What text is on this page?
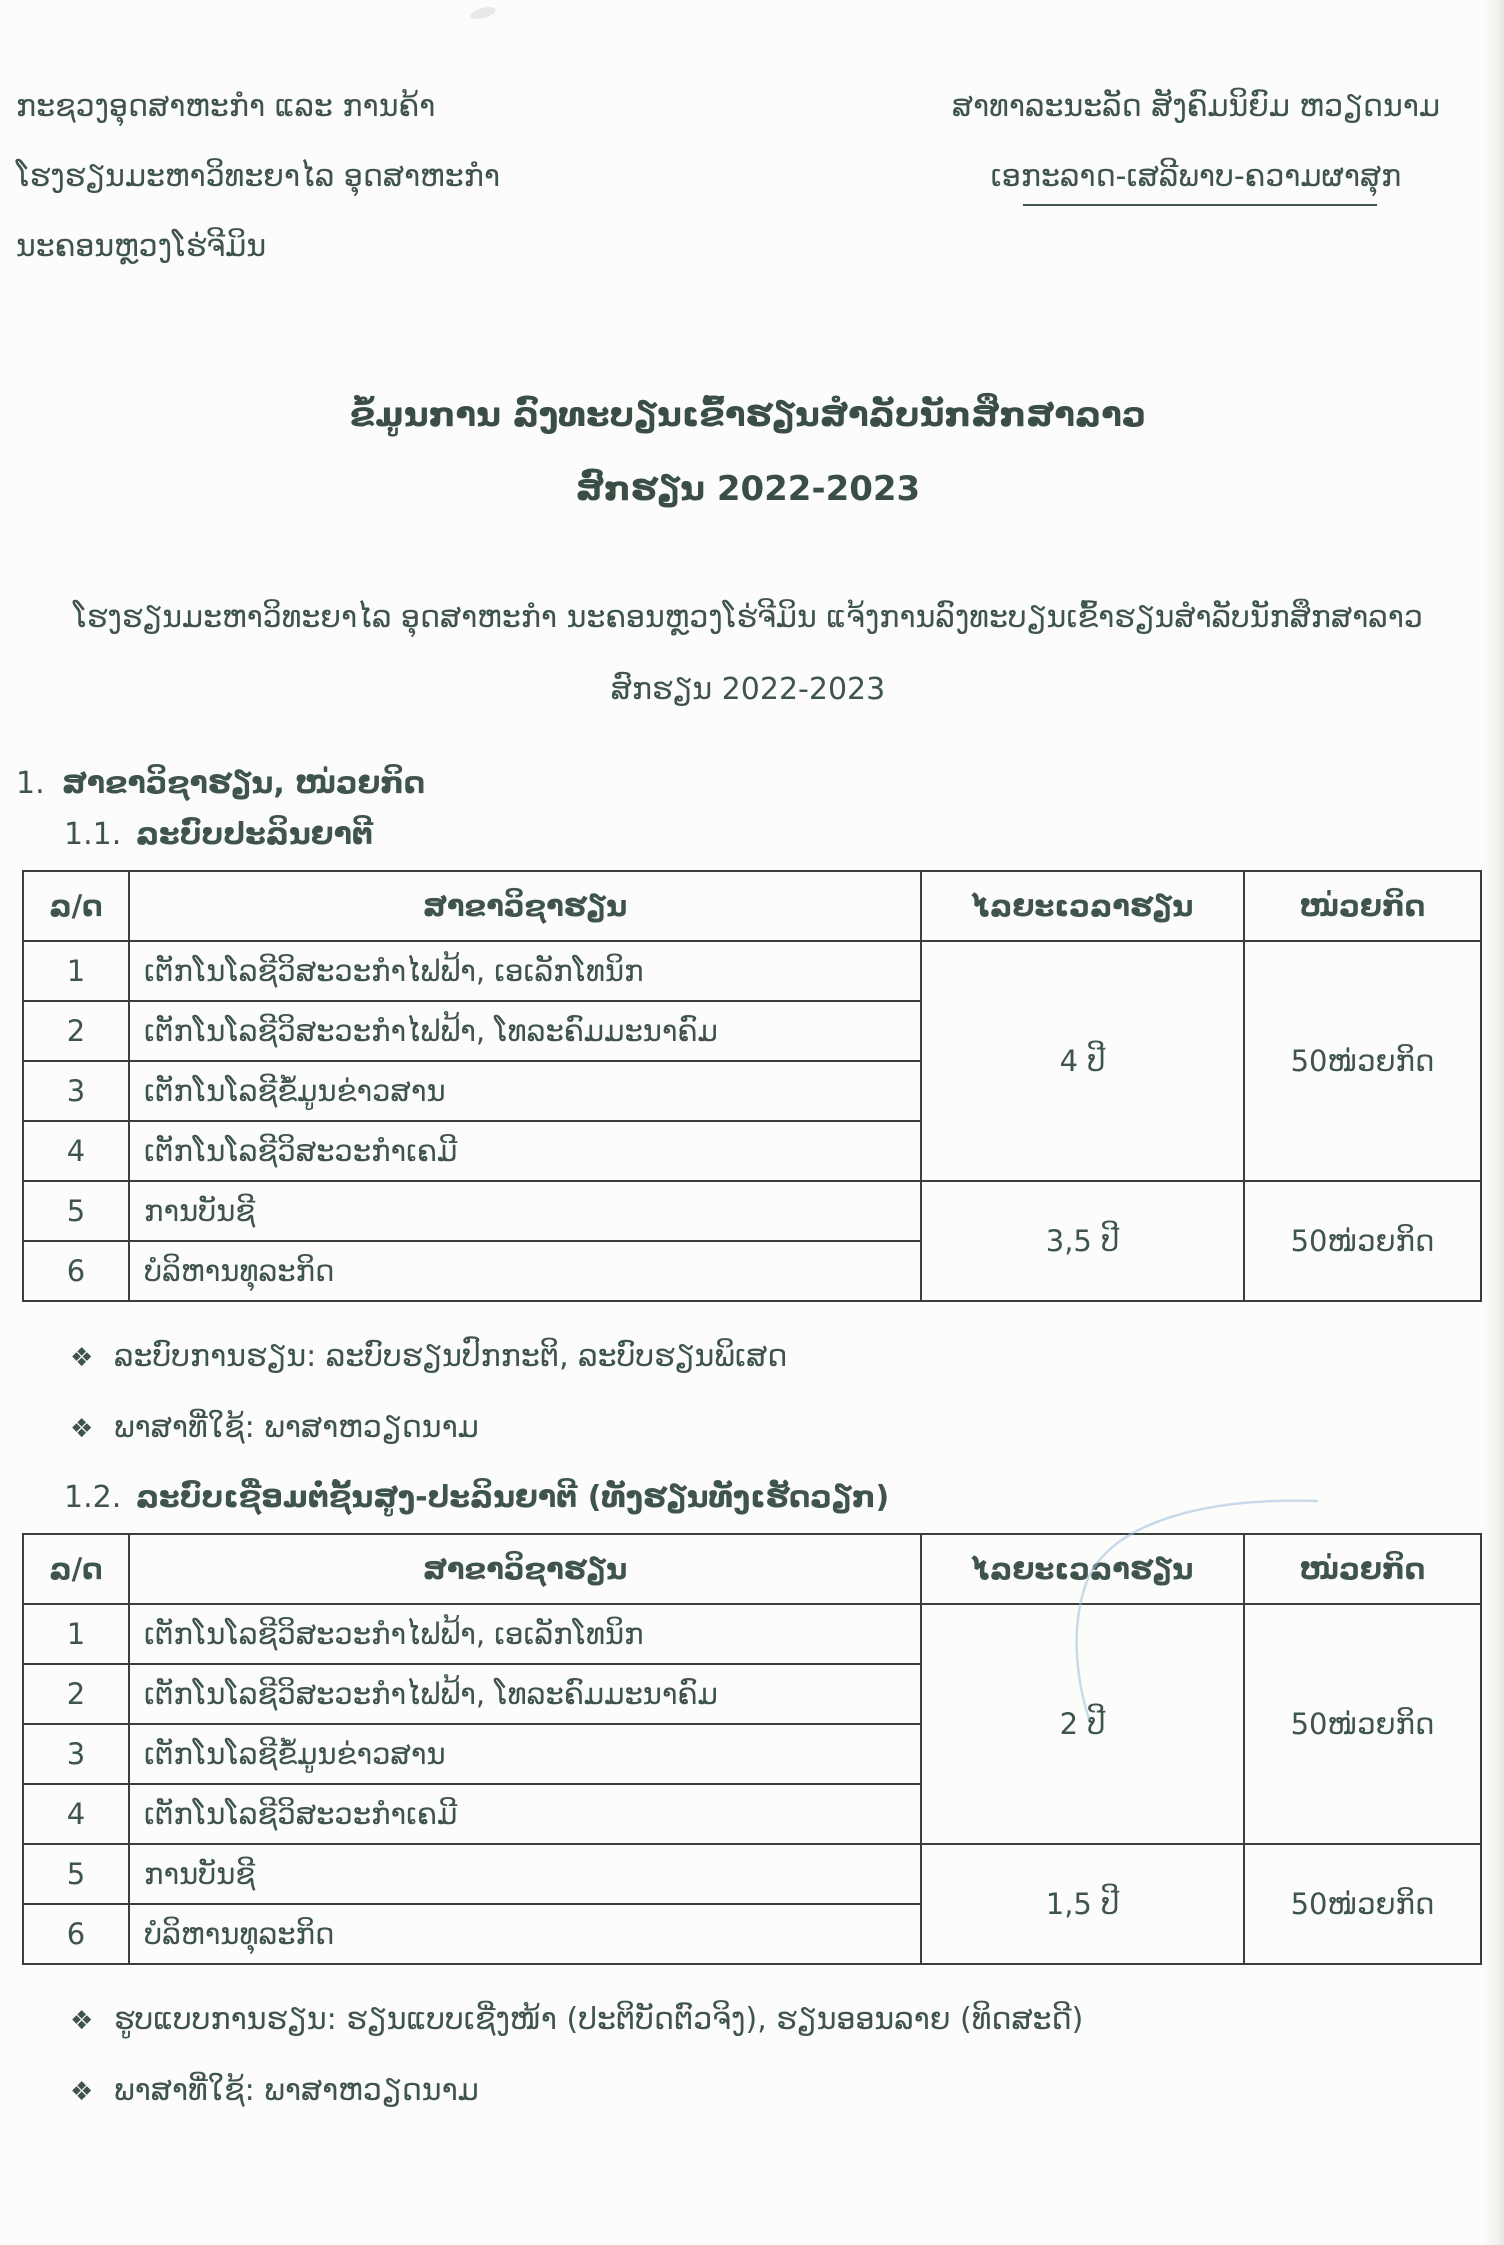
ກະຊວງອຸດສາຫະກຳ ແລະ ການຄ້າ
ໂຮງຮຽນມະຫາວິທະຍາໄລ ອຸດສາຫະກຳ
ນະຄອນຫຼວງໂຮ່ຈີມິນ
ສາທາລະນະລັດ ສັງຄົມນິຍົມ ຫວຽດນາມ
ເອກະລາດ-ເສລີພາບ-ຄວາມຜາສຸກ
ຂໍ້ມູນການ ລົງທະບຽນເຂົ້າຮຽນສຳລັບນັກສຶກສາລາວ
ສົກຮຽນ 2022-2023
ໂຮງຮຽນມະຫາວິທະຍາໄລ ອຸດສາຫະກຳ ນະຄອນຫຼວງໂຮ່ຈີມິນ ແຈ້ງການລົງທະບຽນເຂົ້າຮຽນສຳລັບນັກສຶກສາລາວ
ສົກຮຽນ 2022-2023
1. ສາຂາວິຊາຮຽນ, ໜ່ວຍກິດ
1.1. ລະບົບປະລິນຍາຕີ
ລ/ດ	ສາຂາວິຊາຮຽນ	ໄລຍະເວລາຮຽນ	ໜ່ວຍກິດ
1	ເຕັກໂນໂລຊີວິສະວະກຳໄຟຟ້າ, ເອເລັກໂທນິກ	4 ປີ	50ໜ່ວຍກິດ
2	ເຕັກໂນໂລຊີວິສະວະກຳໄຟຟ້າ, ໂທລະຄົມມະນາຄົມ		
3	ເຕັກໂນໂລຊີຂໍ້ມູນຂ່າວສານ		
4	ເຕັກໂນໂລຊີວິສະວະກຳເຄມີ		
5	ການບັນຊີ	3,5 ປີ	50ໜ່ວຍກິດ
6	ບໍລິຫານທຸລະກິດ		
❖ ລະບົບການຮຽນ: ລະບົບຮຽນປົກກະຕິ, ລະບົບຮຽນພິເສດ
❖ ພາສາທີ່ໃຊ້: ພາສາຫວຽດນາມ
1.2. ລະບົບເຊື່ອມຕໍ່ຊັ້ນສູງ-ປະລິນຍາຕີ (ທັງຮຽນທັງເຮັດວຽກ)
ລ/ດ	ສາຂາວິຊາຮຽນ	ໄລຍະເວລາຮຽນ	ໜ່ວຍກິດ
1	ເຕັກໂນໂລຊີວິສະວະກຳໄຟຟ້າ, ເອເລັກໂທນິກ	2 ປີ	50ໜ່ວຍກິດ
2	ເຕັກໂນໂລຊີວິສະວະກຳໄຟຟ້າ, ໂທລະຄົມມະນາຄົມ		
3	ເຕັກໂນໂລຊີຂໍ້ມູນຂ່າວສານ		
4	ເຕັກໂນໂລຊີວິສະວະກຳເຄມີ		
5	ການບັນຊີ	1,5 ປີ	50ໜ່ວຍກິດ
6	ບໍລິຫານທຸລະກິດ		
❖ ຮູບແບບການຮຽນ: ຮຽນແບບເຊີ່ງໜ້າ (ປະຕິບັດຕົວຈິງ), ຮຽນອອນລາຍ (ທິດສະດີ)
❖ ພາສາທີ່ໃຊ້: ພາສາຫວຽດນາມ
